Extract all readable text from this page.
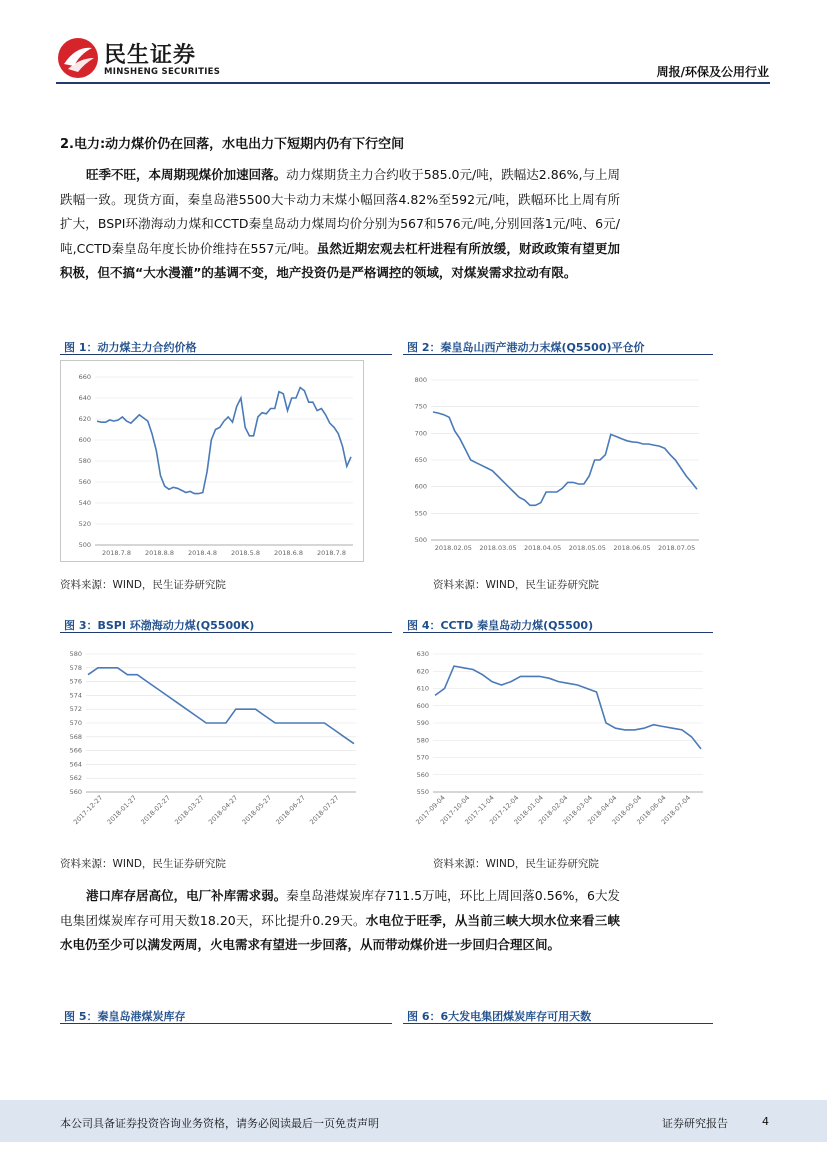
民生证券
MINSHENG SECURITIES	周报/环保及公用行业
2.电力:动力煤价仍在回落，水电出力下短期内仍有下行空间
旺季不旺，本周期现煤价加速回落。动力煤期货主力合约收于585.0元/吨，跌幅达2.86%,与上周跌幅一致。现货方面，秦皇岛港5500大卡动力末煤小幅回落4.82%至592元/吨，跌幅环比上周有所扩大，BSPI环渤海动力煤和CCTD秦皇岛动力煤周均价分别为567和576元/吨,分别回落1元/吨、6元/吨,CCTD秦皇岛年度长协价维持在557元/吨。虽然近期宏观去杠杆进程有所放缓，财政政策有望更加积极，但不搞“大水漫灌”的基调不变，地产投资仍是严格调控的领域，对煤炭需求拉动有限。
图 1：动力煤主力合约价格
660
640
620
600
580
560
540
520
500
2018.7.8 2018.8.8 2018.4.8 2018.5.8 2018.6.8 2018.7.8
资料来源：WIND，民生证券研究院
图 2：秦皇岛山西产港动力末煤(Q5500)平仓价
800
750
700
650
600
550
500
2018.02.05 2018.03.05 2018.04.05 2018.05.05 2018.06.05 2018.07.05
资料来源：WIND，民生证券研究院
图 3：BSPI 环渤海动力煤(Q5500K)
580
578
576
574
572
570
568
566
564
562
560
2017-12-27 2018-01-27 2018-02-27 2018-03-27 2018-04-27 2018-05-27 2018-06-27 2018-07-27
资料来源：WIND，民生证券研究院
图 4：CCTD 秦皇岛动力煤(Q5500)
630
620
610
600
590
580
570
560
550
2017-09-04
2017-10-04
2017-11-04
2017-12-04
2018-01-04
2018-02-04
2018-03-04
2018-04-04
2018-05-04
2018-06-04
2018-07-04
资料来源：WIND，民生证券研究院
港口库存居高位，电厂补库需求弱。秦皇岛港煤炭库存711.5万吨，环比上周回落0.56%，6大发电集团煤炭库存可用天数18.20天，环比提升0.29天。水电位于旺季，从当前三峡大坝水位来看三峡水电仍至少可以满发两周，火电需求有望进一步回落，从而带动煤价进一步回归合理区间。
图 5：秦皇岛港煤炭库存	图 6：6大发电集团煤炭库存可用天数
本公司具备证券投资咨询业务资格，请务必阅读最后一页免责声明	证券研究报告	4
